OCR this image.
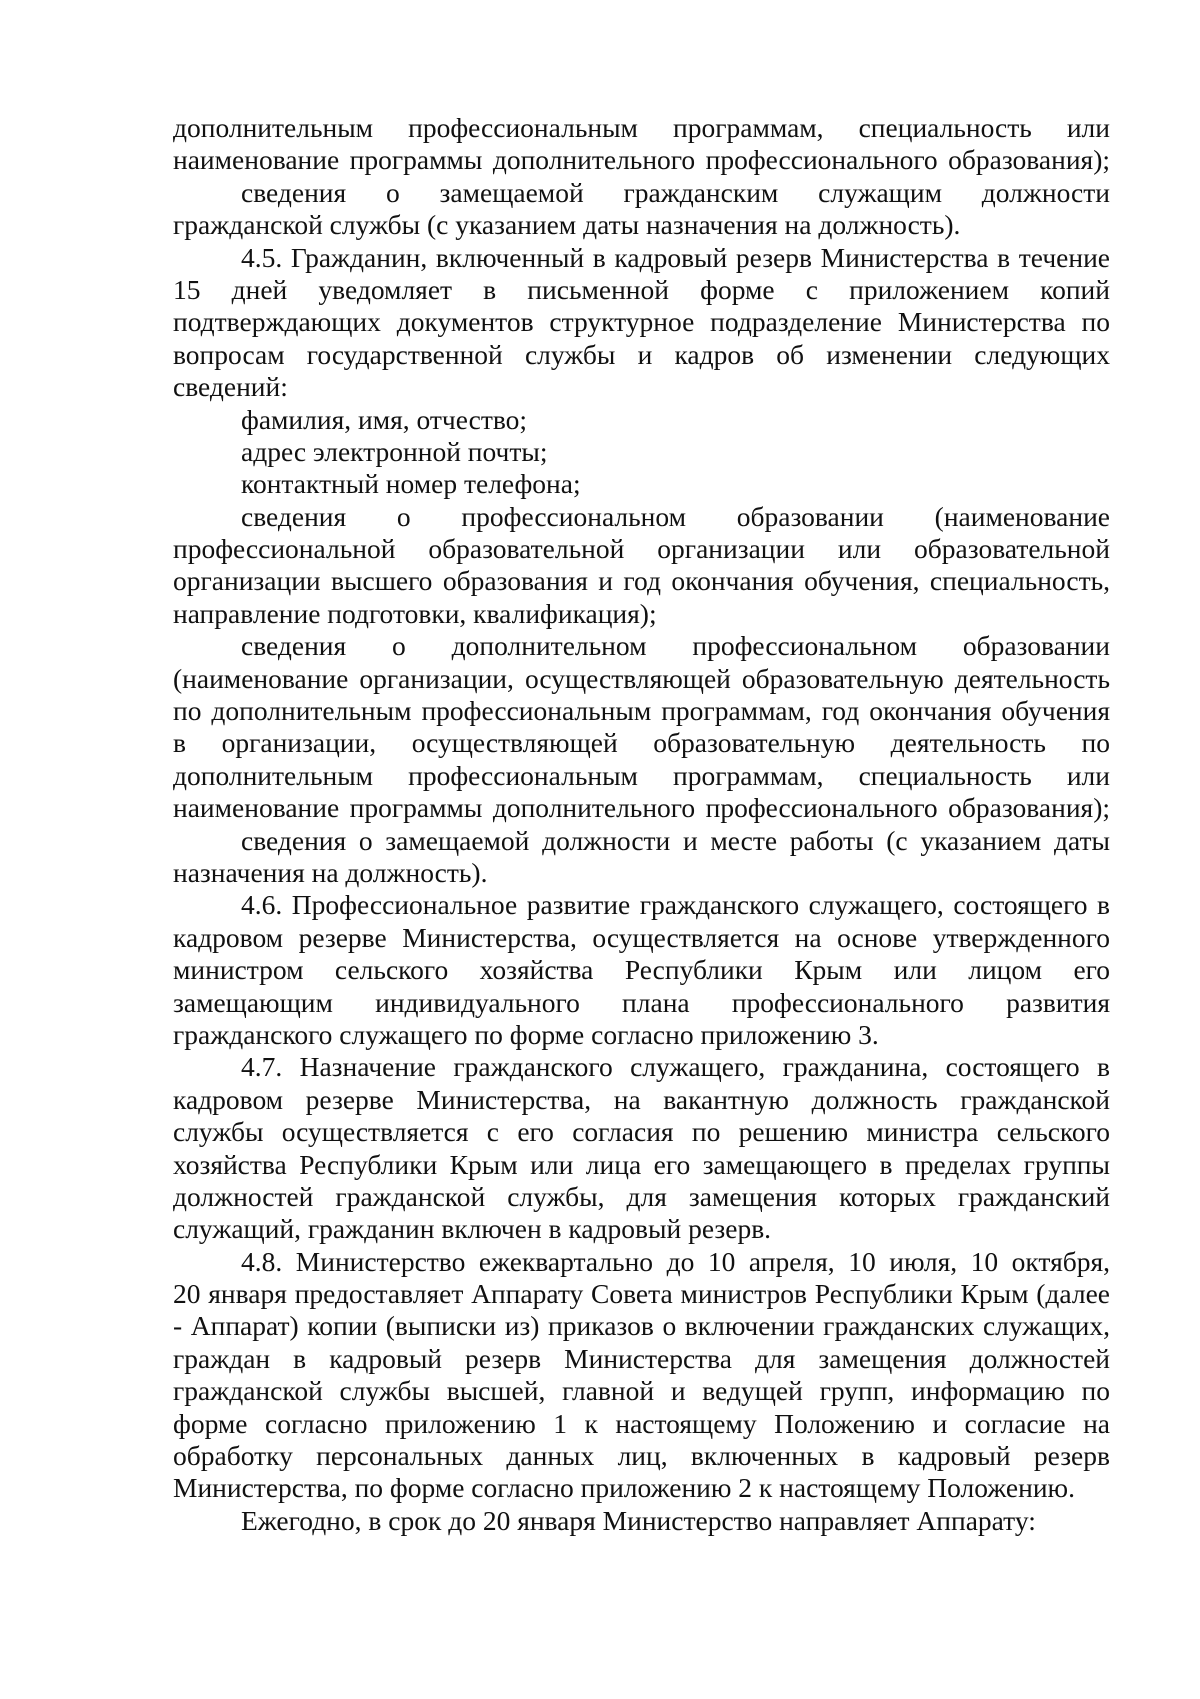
дополнительным профессиональным программам, специальность или
наименование программы дополнительного профессионального образования);
сведения о замещаемой гражданским служащим должности
гражданской службы (с указанием даты назначения на должность).
4.5. Гражданин, включенный в кадровый резерв Министерства в течение
15 дней уведомляет в письменной форме с приложением копий
подтверждающих документов структурное подразделение Министерства по
вопросам государственной службы и кадров об изменении следующих
сведений:
фамилия, имя, отчество;
адрес электронной почты;
контактный номер телефона;
сведения о профессиональном образовании (наименование
профессиональной образовательной организации или образовательной
организации высшего образования и год окончания обучения, специальность,
направление подготовки, квалификация);
сведения о дополнительном профессиональном образовании
(наименование организации, осуществляющей образовательную деятельность
по дополнительным профессиональным программам, год окончания обучения
в организации, осуществляющей образовательную деятельность по
дополнительным профессиональным программам, специальность или
наименование программы дополнительного профессионального образования);
сведения о замещаемой должности и месте работы (с указанием даты
назначения на должность).
4.6. Профессиональное развитие гражданского служащего, состоящего в
кадровом резерве Министерства, осуществляется на основе утвержденного
министром сельского хозяйства Республики Крым или лицом его
замещающим индивидуального плана профессионального развития
гражданского служащего по форме согласно приложению 3.
4.7. Назначение гражданского служащего, гражданина, состоящего в
кадровом резерве Министерства, на вакантную должность гражданской
службы осуществляется с его согласия по решению министра сельского
хозяйства Республики Крым или лица его замещающего в пределах группы
должностей гражданской службы, для замещения которых гражданский
служащий, гражданин включен в кадровый резерв.
4.8. Министерство ежеквартально до 10 апреля, 10 июля, 10 октября,
20 января предоставляет Аппарату Совета министров Республики Крым (далее
- Аппарат) копии (выписки из) приказов о включении гражданских служащих,
граждан в кадровый резерв Министерства для замещения должностей
гражданской службы высшей, главной и ведущей групп, информацию по
форме согласно приложению 1 к настоящему Положению и согласие на
обработку персональных данных лиц, включенных в кадровый резерв
Министерства, по форме согласно приложению 2 к настоящему Положению.
Ежегодно, в срок до 20 января Министерство направляет Аппарату:
